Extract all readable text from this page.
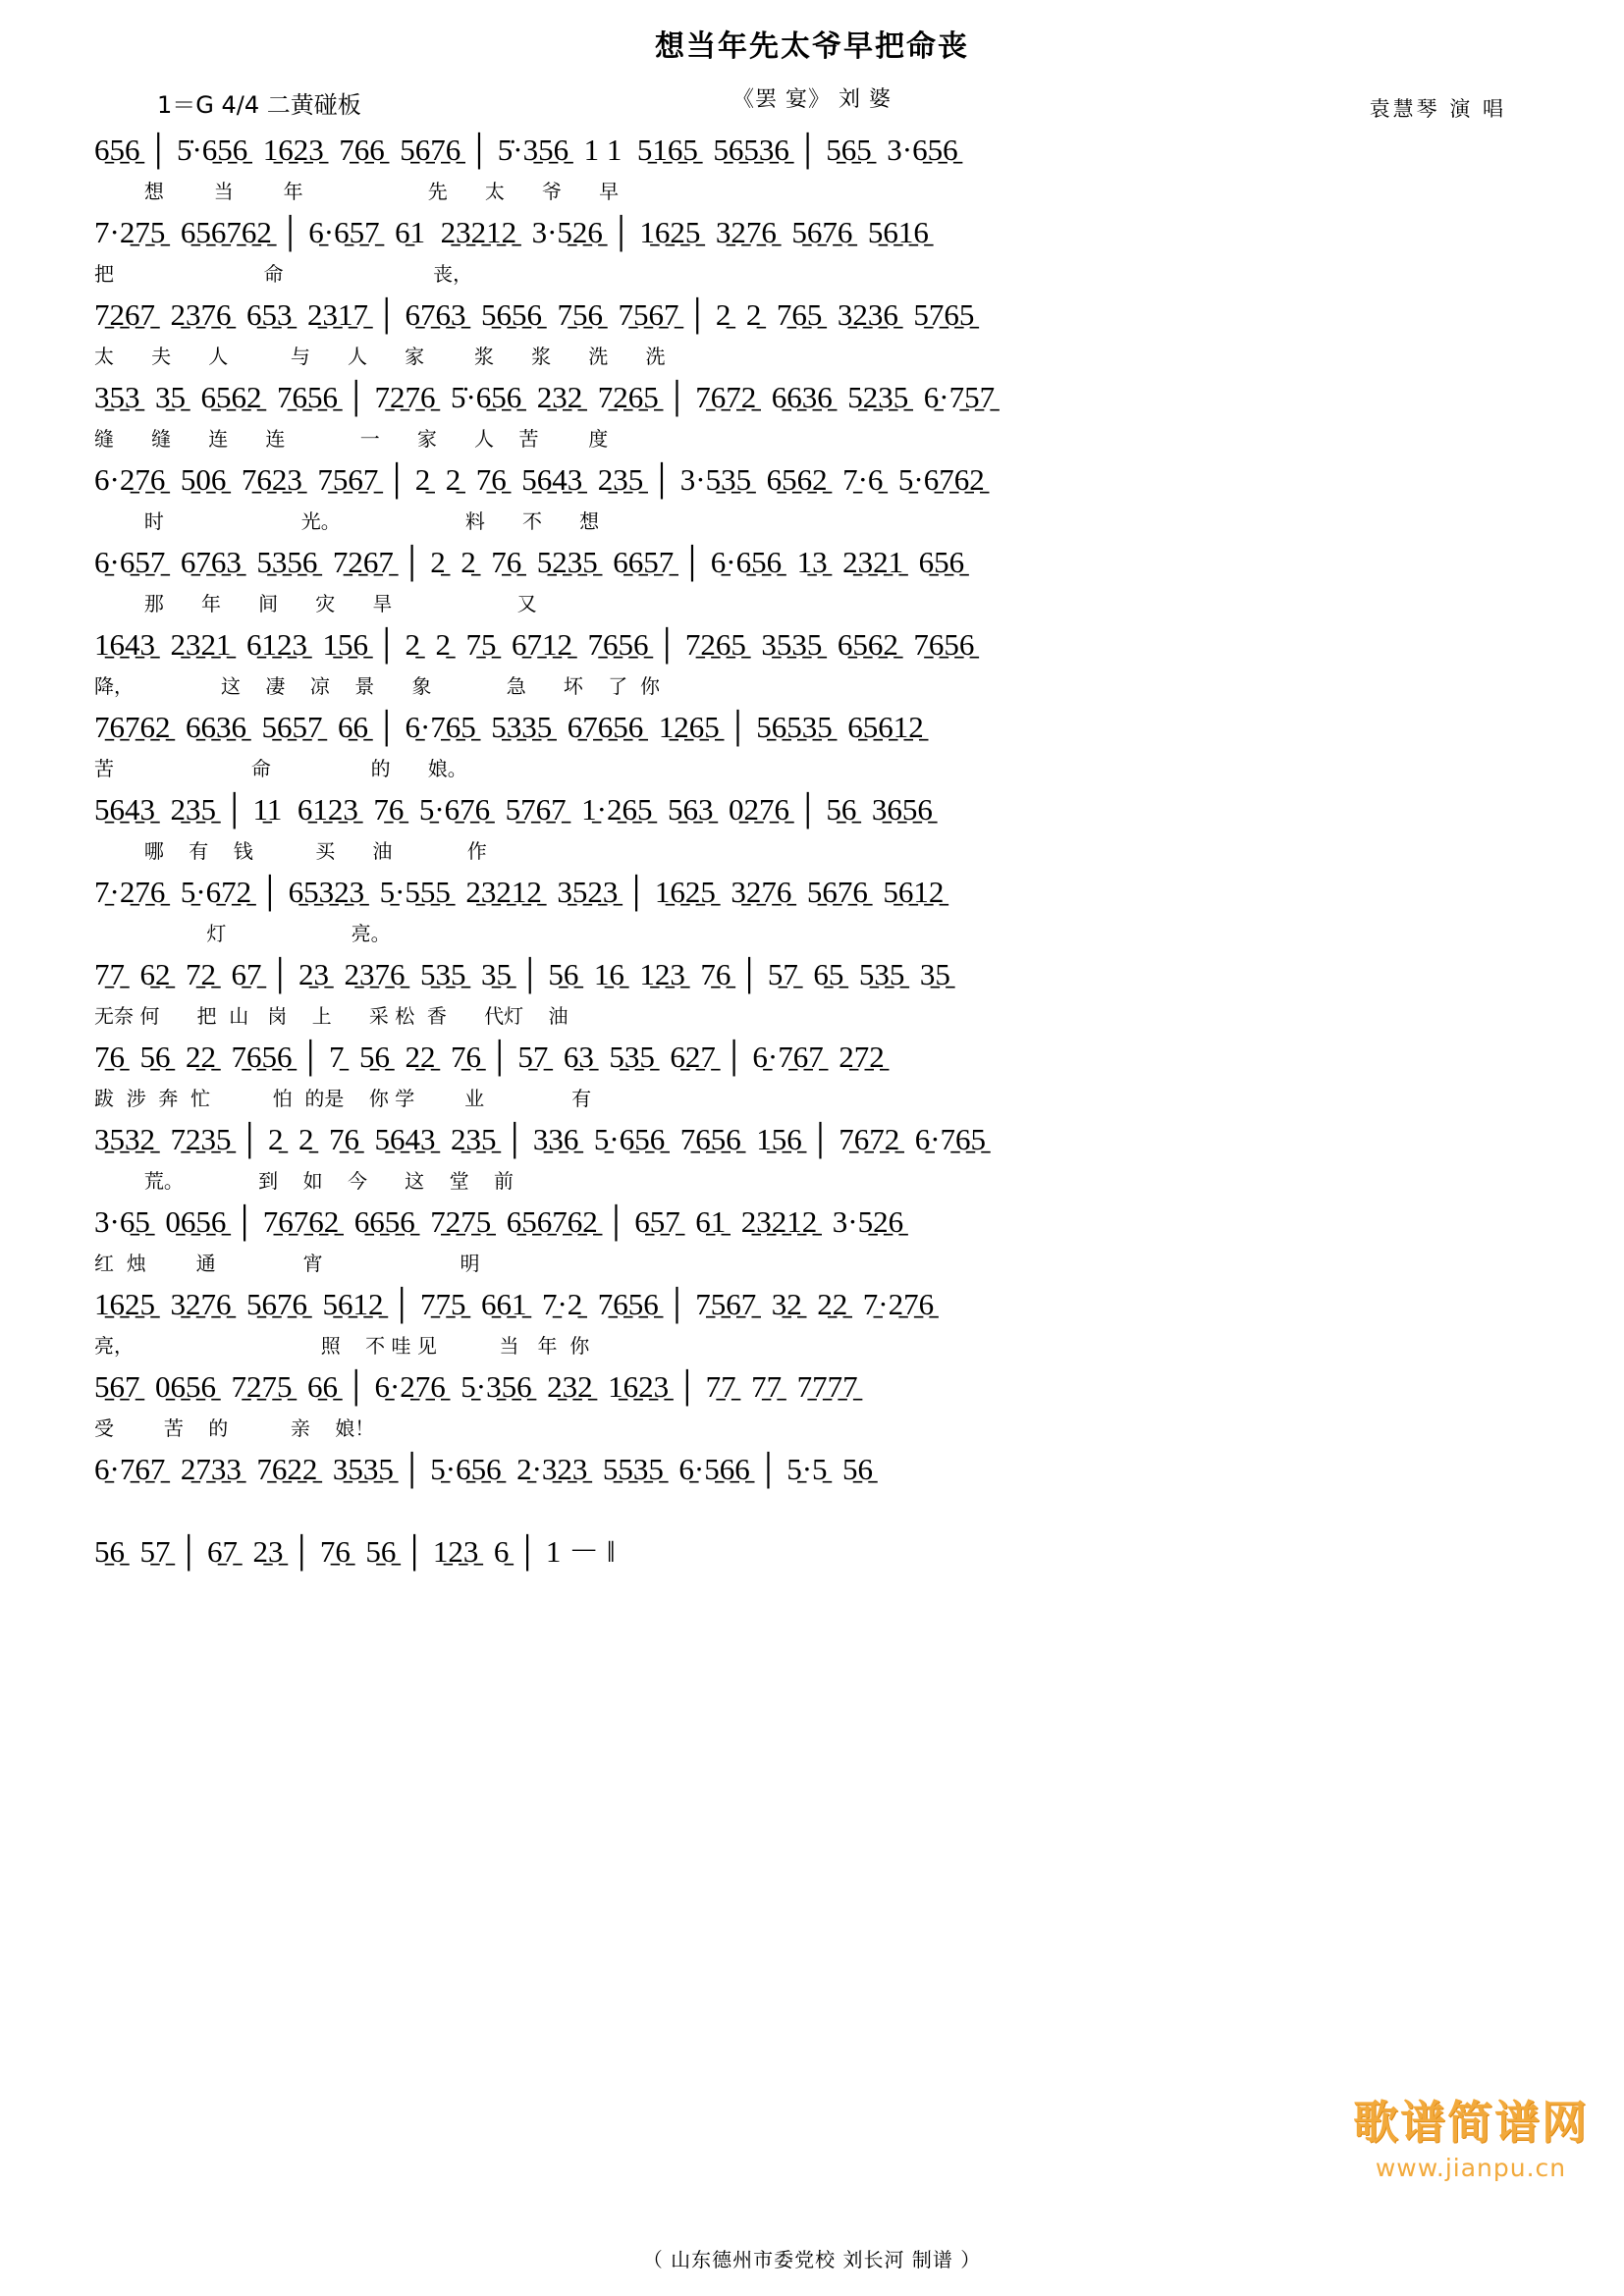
想当年先太爷早把命丧
《罢 宴》 刘 婆
1＝G 4/4 二黄碰板	袁慧琴 演 唱
6̱5̱6̱ │ 5̇·6̱5̱6̱  1̱6̱2̱3̱  7̱6̱6̱  5̱6̱7̱6̱ │ 5̇·3̱5̱6̱  1 1  5̱1̱6̱5̱  5̱6̱5̱3̱6̱ │ 5̱6̱5̱  3·6̱5̱6̱
想        当        年                    先      太      爷      早
7·2̱7̱5̱  6̱5̱6̱7̱6̱2̱ │ 6̱·6̱5̱7̱  6̱1  2̱3̱2̱1̱2̱  3·5̱2̱6̱ │ 1̱6̱2̱5̱  3̱2̱7̱6̱  5̱6̱7̱6̱  5̱6̱1̱6̱
把                        命                        丧，
7̱2̱6̱7̱  2̱3̱7̱6̱  6̱5̱3̱  2̱3̱1̱7̱ │ 6̱7̱6̱3̱  5̱6̱5̱6̱  7̱5̱6̱  7̱5̱6̱7̱ │ 2̱  2̱  7̱6̱5̱  3̱2̱3̱6̱  5̱7̱6̱5̱
太      夫      人          与      人      家        浆      浆      洗      洗
3̱5̱3̱  3̱5̱  6̱5̱6̱2̱  7̱6̱5̱6̱ │ 7̱2̱7̱6̱  5̇·6̱5̱6̱  2̱3̱2̱  7̱2̱6̱5̱ │ 7̱6̱7̱2̱  6̱6̱3̱6̱  5̱2̱3̱5̱  6̱·7̱5̱7̱
缝      缝      连      连            一      家      人    苦        度
6·2̱7̱6̱  5̱0̱6̱  7̱6̱2̱3̱  7̱5̱6̱7̱ │ 2̱  2̱  7̱6̱  5̱6̱4̱3̱  2̱3̱5̱ │ 3·5̱3̱5̱  6̱5̱6̱2̱  7̱·6̱  5̱·6̱7̱6̱2̱
时                      光。                    料      不      想
6̱·6̱5̱7̱  6̱7̱6̱3̱  5̱3̱5̱6̱  7̱2̱6̱7̱ │ 2̱  2̱  7̱6̱  5̱2̱3̱5̱  6̱6̱5̱7̱ │ 6̱·6̱5̱6̱  1̱3̱  2̱3̱2̱1̱  6̱5̱6̱
那      年      间      灾      旱                    又
1̱6̱4̱3̱  2̱3̱2̱1̱  6̱1̱2̱3̱  1̱5̱6̱ │ 2̱  2̱  7̱5̱  6̱7̱1̱2̱  7̱6̱5̱6̱ │ 7̱2̱6̱5̱  3̱5̱3̱5̱  6̱5̱6̱2̱  7̱6̱5̱6̱
降，              这    凄    凉    景      象            急      坏    了  你
7̱6̱7̱6̱2̱  6̱6̱3̱6̱  5̱6̱5̱7̱  6̱6̱ │ 6̱·7̱6̱5̱  5̱3̱3̱5̱  6̱7̱6̱5̱6̱  1̱2̱6̱5̱ │ 5̱6̱5̱3̱5̱  6̱5̱6̱1̱2̱
苦                      命                的      娘。
5̱6̱4̱3̱  2̱3̱5̱ │ 1̱1  6̱1̱2̱3̱  7̱6̱  5̱·6̱7̱6̱  5̱7̱6̱7̱  1̱·2̱6̱5̱  5̱6̱3̱  0̱2̱7̱6̱ │ 5̱6̱  3̱6̱5̱6̱
哪    有    钱          买      油            作
7̱·2̱7̱6̱  5̱·6̱7̱2̱ │ 6̱5̱3̱2̱3̱  5̱·5̱5̱5̱  2̱3̱2̱1̱2̱  3̱5̱2̱3̱ │ 1̱6̱2̱5̱  3̱2̱7̱6̱  5̱6̱7̱6̱  5̱6̱1̱2̱
灯                    亮。
7̱7̱  6̱2̱  7̱2̱  6̱7̱ │ 2̱3̱  2̱3̱7̱6̱  5̱3̱5̱  3̱5̱ │ 5̱6̱  1̱6̱  1̱2̱3̱  7̱6̱ │ 5̱7̱  6̱5̱  5̱3̱5̱  3̱5̱
无奈 何      把  山   岗    上      采 松  香      代灯    油
7̱6̱  5̱6̱  2̱2̱  7̱6̱5̱6̱ │ 7̱  5̱6̱  2̱2̱  7̱6̱ │ 5̱7̱  6̱3̱  5̱3̱5̱  6̱2̱7̱ │ 6̱·7̱6̱7̱  2̱7̱2̱
跋  涉  奔  忙          怕  的是    你 学        业              有
3̱5̱3̱2̱  7̱2̱3̱5̱ │ 2̱  2̱  7̱6̱  5̱6̱4̱3̱  2̱3̱5̱ │ 3̱3̱6̱  5̱·6̱5̱6̱  7̱6̱5̱6̱  1̱5̱6̱ │ 7̱6̱7̱2̱  6̱·7̱6̱5̱
荒。            到    如    今      这    堂    前
3·6̱5̱  0̱6̱5̱6̱ │ 7̱6̱7̱6̱2̱  6̱6̱5̱6̱  7̱2̱7̱5̱  6̱5̱6̱7̱6̱2̱ │ 6̱5̱7̱  6̱1̱  2̱3̱2̱1̱2̱  3·5̱2̱6̱
红  烛        通              宵                      明
1̱6̱2̱5̱  3̱2̱7̱6̱  5̱6̱7̱6̱  5̱6̱1̱2̱ │ 7̱7̱5̱  6̱6̱1̱  7̱·2̱  7̱6̱5̱6̱ │ 7̱5̱6̱7̱  3̱2̱  2̱2̱  7̱·2̱7̱6̱
亮，                              照    不 哇 见          当   年  你
5̱6̱7̱  0̱6̱5̱6̱  7̱2̱7̱5̱  6̱6̱ │ 6̱·2̱7̱6̱  5̱·3̱5̱6̱  2̱3̱2̱  1̱6̱2̱3̱ │ 7̱7̱  7̱7̱  7̱7̱7̱7̱
受        苦    的          亲    娘！
6̱·7̱6̱7̱  2̱7̱3̱3̱  7̱6̱2̱2̱  3̱5̱3̱5̱ │ 5̱·6̱5̱6̱  2̱·3̱2̱3̱  5̱5̱3̱5̱  6̱·5̱6̱6̱ │ 5̱·5̱  5̱6̱
5̱6̱  5̱7̱ │ 6̱7̱  2̱3̱ │ 7̱6̱  5̱6̱ │ 1̱2̱3̱  6̱ │ 1 － ‖
歌谱简谱网
www.jianpu.cn
（ 山东德州市委党校 刘长河 制谱 ）
